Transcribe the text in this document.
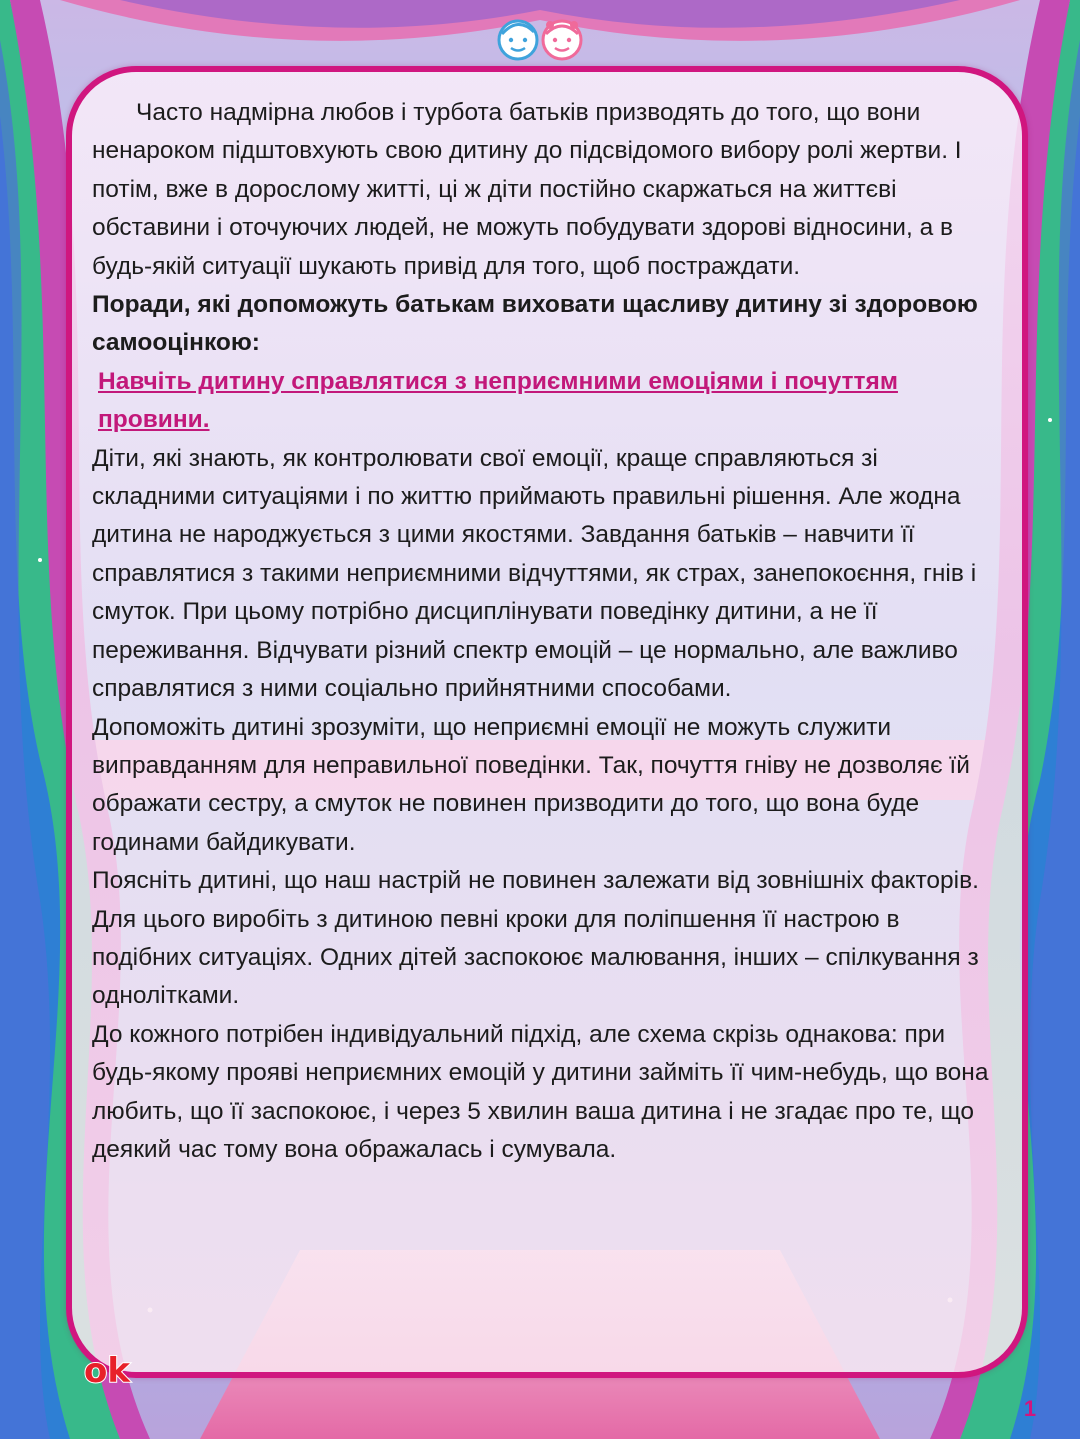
Часто надмірна любов і турбота батьків призводять до того, що вони ненароком підштовхують свою дитину до підсвідомого вибору ролі жертви. І потім, вже в дорослому житті, ці ж діти постійно скаржаться на життєві обставини і оточуючих людей, не можуть побудувати здорові відносини, а в будь-якій ситуації шукають привід для того, щоб постраждати.

Поради, які допоможуть батькам виховати щасливу дитину зі здоровою самооцінкою:

Навчіть дитину справлятися з неприємними емоціями і почуттям провини.

Діти, які знають, як контролювати свої емоції, краще справляються зі складними ситуаціями і по життю приймають правильні рішення. Але жодна дитина не народжується з цими якостями. Завдання батьків – навчити її справлятися з такими неприємними відчуттями, як страх, занепокоєння, гнів і смуток. При цьому потрібно дисциплінувати поведінку дитини, а не її переживання. Відчувати різний спектр емоцій – це нормально, але важливо справлятися з ними соціально прийнятними способами.

Допоможіть дитині зрозуміти, що неприємні емоції не можуть служити виправданням для неправильної поведінки. Так, почуття гніву не дозволяє їй ображати сестру, а смуток не повинен призводити до того, що вона буде годинами байдикувати.

Поясніть дитині, що наш настрій не повинен залежати від зовнішніх факторів. Для цього виробіть з дитиною певні кроки для поліпшення її настрою в подібних ситуаціях. Одних дітей заспокоює малювання, інших – спілкування з однолітками.

До кожного потрібен індивідуальний підхід, але схема скрізь однакова: при будь-якому прояві неприємних емоцій у дитини займіть її чим-небудь, що вона любить, що її заспокоює, і через 5 хвилин ваша дитина і не згадає про те, що деякий час тому вона ображалась і сумувала.

ok
1
